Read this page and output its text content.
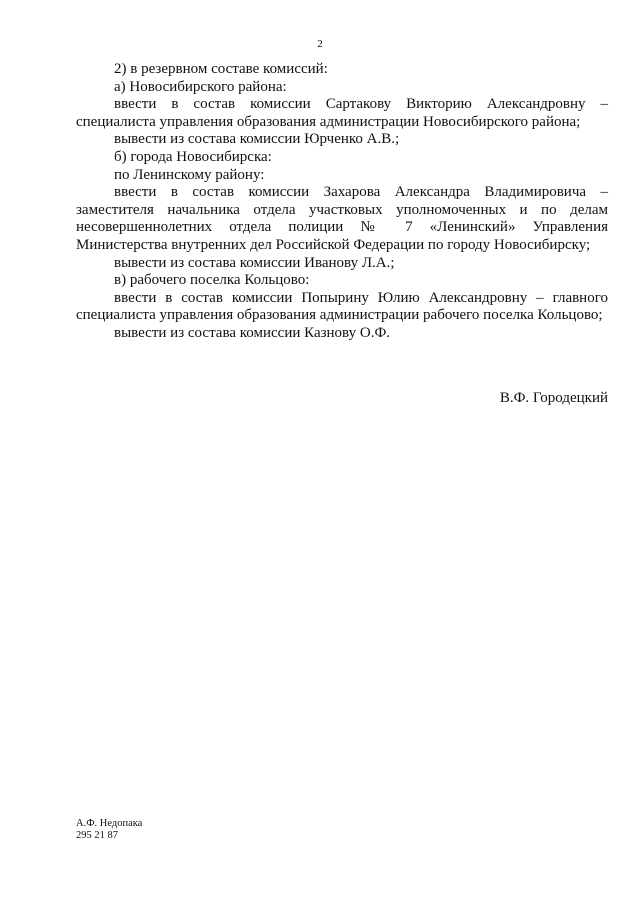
2

2) в резервном составе комиссий:

а) Новосибирского района:

ввести в состав комиссии Сартакову Викторию Александровну – специалиста управления образования администрации Новосибирского района;

вывести из состава комиссии Юрченко А.В.;

б) города Новосибирска:

по Ленинскому району:

ввести в состав комиссии Захарова Александра Владимировича – заместителя начальника отдела участковых уполномоченных и по делам несовершеннолетних отдела полиции № 7 «Ленинский» Управления Министерства внутренних дел Российской Федерации по городу Новосибирску;

вывести из состава комиссии Иванову Л.А.;

в) рабочего поселка Кольцово:

ввести в состав комиссии Попырину Юлию Александровну – главного специалиста управления образования администрации рабочего поселка Кольцово;

вывести из состава комиссии Казнову О.Ф.

В.Ф. Городецкий
А.Ф. Недопака
295 21 87
